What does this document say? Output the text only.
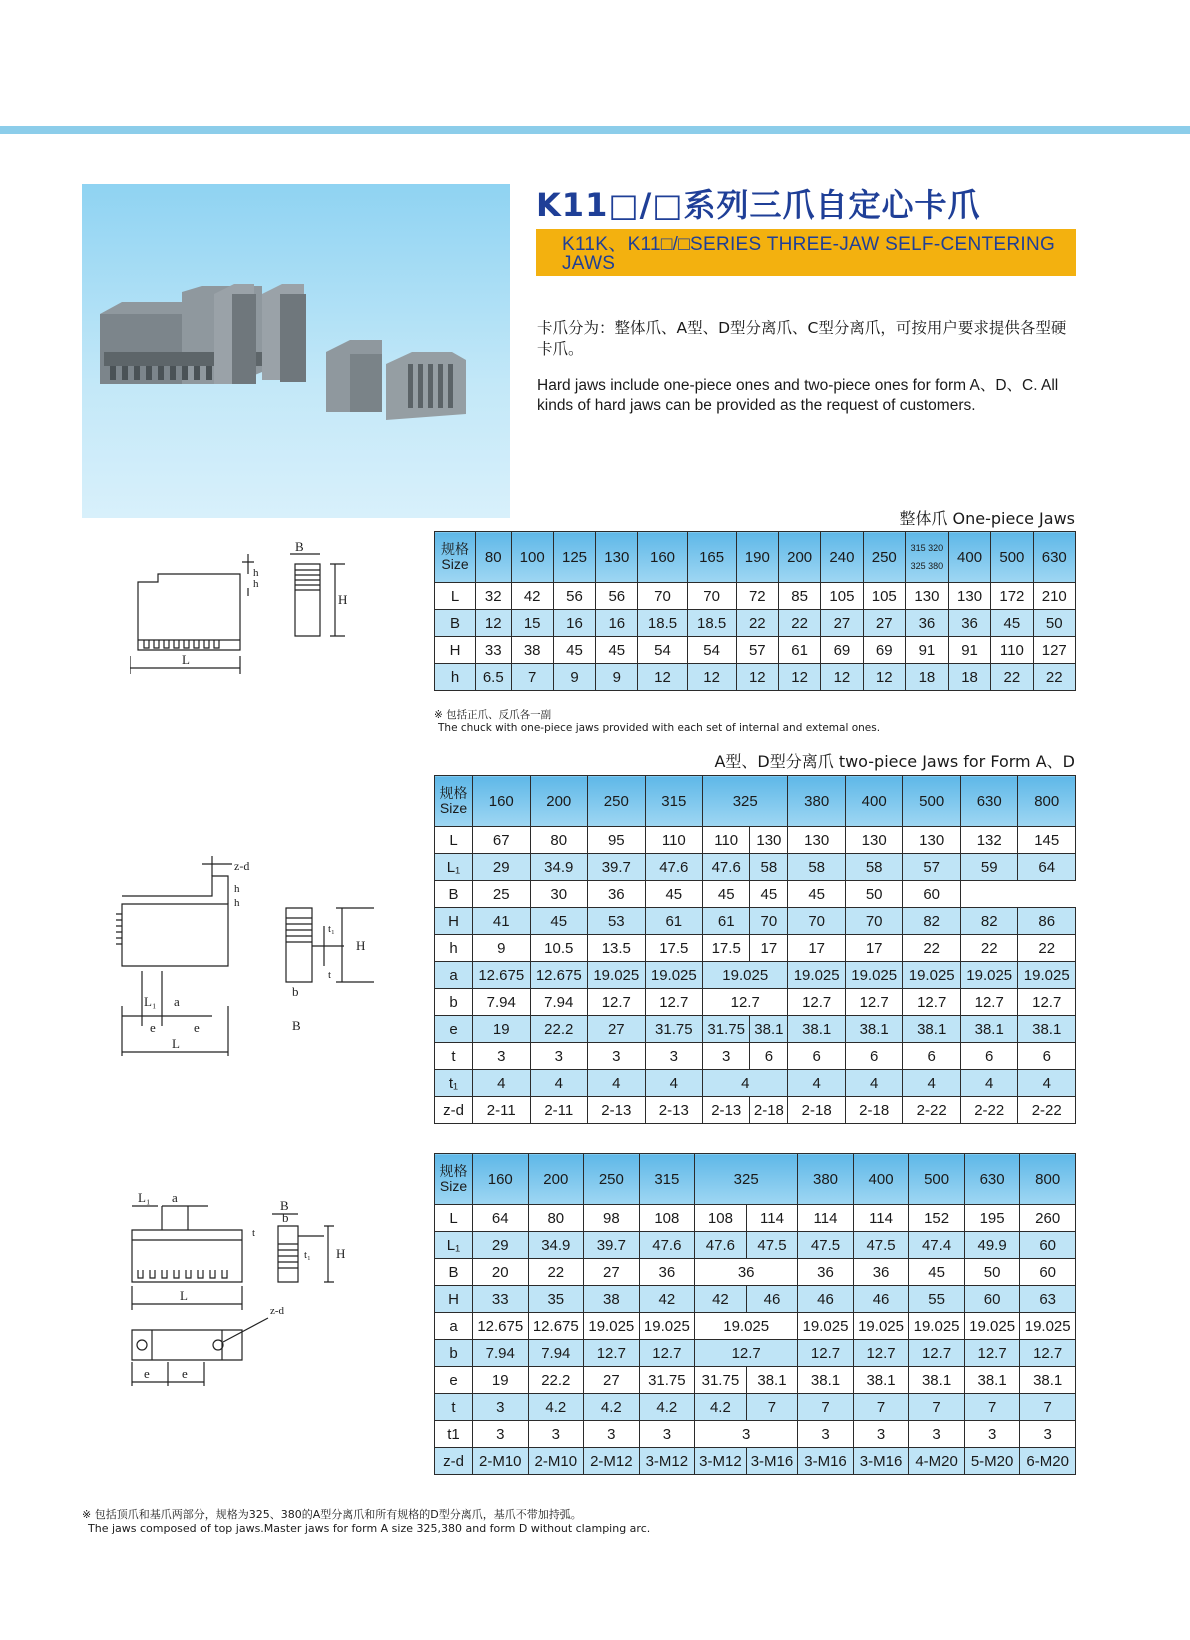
K11□/□系列三爪自定心卡爪
K11K、K11□/□SERIES THREE-JAW SELF-CENTERING JAWS
卡爪分为：整体爪、A型、D型分离爪、C型分离爪，可按用户要求提供各型硬卡爪。
Hard jaws include one-piece ones and two-piece ones for form A、D、C. All kinds of hard jaws can be provided as the request of customers.
整体爪 One-piece Jaws
规格
Size	80	100	125	130	160	165	190	200	240	250	315 320 325 380	400	500	630
L	32	42	56	56	70	70	72	85	105	105	130	130	172	210
B	12	15	16	16	18.5	18.5	22	22	27	27	36	36	45	50
H	33	38	45	45	54	54	57	61	69	69	91	91	110	127
h	6.5	7	9	9	12	12	12	12	12	12	18	18	22	22
※ 包括正爪、反爪各一副
The chuck with one-piece jaws provided with each set of internal and extemal ones.
A型、D型分离爪 two-piece Jaws for Form A、D
规格
Size	160	200	250	315	325		380	400	500	630	800
L	67	80	95	110	110	130	130	130	130	132	145
L₁	29	34.9	39.7	47.6	47.6	58	58	58	57	59	64
B	25	30	36	45	45	45	45	50	60		
H	41	45	53	61	61	70	70	70	82	82	86
h	9	10.5	13.5	17.5	17.5	17	17	17	22	22	22
a	12.675	12.675	19.025	19.025	19.025		19.025	19.025	19.025	19.025	19.025
b	7.94	7.94	12.7	12.7	12.7		12.7	12.7	12.7	12.7	12.7
e	19	22.2	27	31.75	31.75	38.1	38.1	38.1	38.1	38.1	38.1
t	3	3	3	3	3	6	6	6	6	6	6
t₁	4	4	4	4	4		4	4	4	4	4
z-d	2-11	2-11	2-13	2-13	2-13	2-18	2-18	2-18	2-22	2-22	2-22
规格
Size	160	200	250	315	325		380	400	500	630	800
L	64	80	98	108	108	114	114	114	152	195	260
L₁	29	34.9	39.7	47.6	47.6	47.5	47.5	47.5	47.4	49.9	60
B	20	22	27	36	36		36	36	45	50	60
H	33	35	38	42	42	46	46	46	55	60	63
a	12.675	12.675	19.025	19.025	19.025		19.025	19.025	19.025	19.025	19.025
b	7.94	7.94	12.7	12.7	12.7		12.7	12.7	12.7	12.7	12.7
e	19	22.2	27	31.75	31.75	38.1	38.1	38.1	38.1	38.1	38.1
t	3	4.2	4.2	4.2	4.2	7	7	7	7	7	7
t1	3	3	3	3	3		3	3	3	3	3
z-d	2-M10	2-M10	2-M12	3-M12	3-M12	3-M16	3-M16	3-M16	4-M20	5-M20	6-M20
※ 包括顶爪和基爪两部分，规格为325、380的A型分离爪和所有规格的D型分离爪，基爪不带加持弧。
The jaws composed of top jaws.Master jaws for form A size 325,380 and form D without clamping arc.
B
h
h
H
L
z-d
h
h
t₁
H
t
b
L₁ a
e	e
L
B
B
L₁ a
b
t
t₁ H
L
z-d
e e
